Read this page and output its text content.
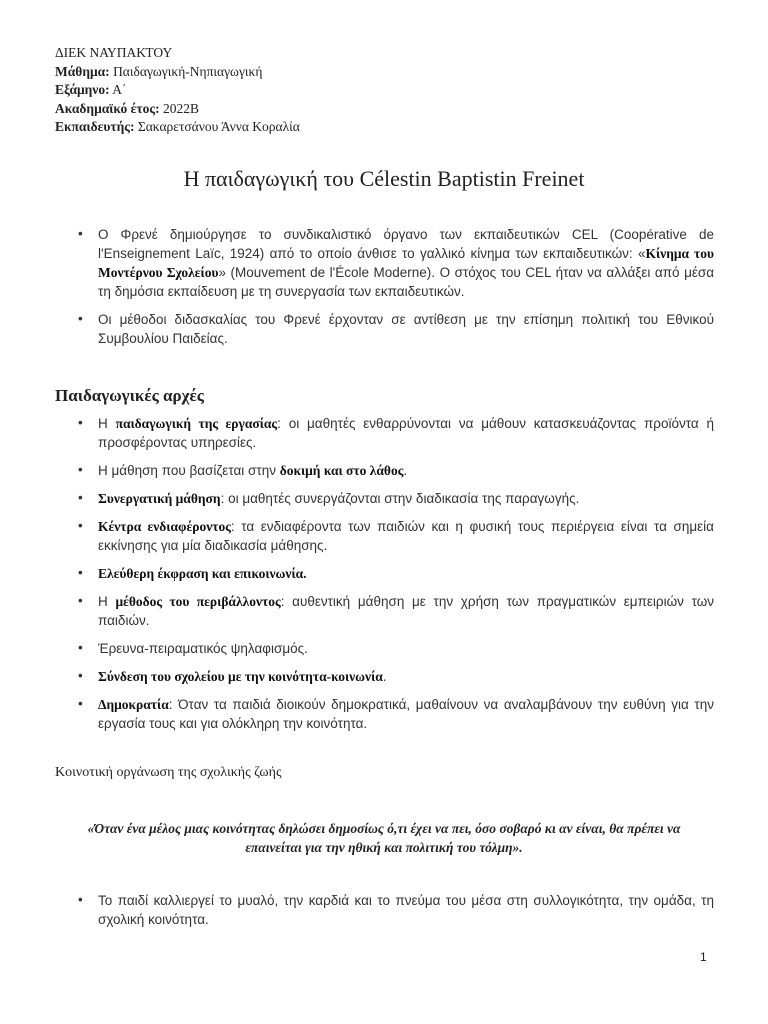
ΔΙΕΚ ΝΑΥΠΑΚΤΟΥ
Μάθημα: Παιδαγωγική-Νηπιαγωγική
Εξάμηνο: Α΄
Ακαδημαϊκό έτος: 2022Β
Εκπαιδευτής: Σακαρετσάνου Άννα Κοραλία
Η παιδαγωγική του Célestin Baptistin Freinet
• Ο Φρενέ δημιούργησε το συνδικαλιστικό όργανο των εκπαιδευτικών CEL (Coopérative de l'Enseignement Laïc, 1924) από το οποίο άνθισε το γαλλικό κίνημα των εκπαιδευτικών: «Κίνημα του Μοντέρνου Σχολείου» (Mouvement de l'École Moderne). Ο στόχος του CEL ήταν να αλλάξει από μέσα τη δημόσια εκπαίδευση με τη συνεργασία των εκπαιδευτικών.
• Οι μέθοδοι διδασκαλίας του Φρενέ έρχονταν σε αντίθεση με την επίσημη πολιτική του Εθνικού Συμβουλίου Παιδείας.
Παιδαγωγικές αρχές
• Η παιδαγωγική της εργασίας: οι μαθητές ενθαρρύνονται να μάθουν κατασκευάζοντας προϊόντα ή προσφέροντας υπηρεσίες.
• Η μάθηση που βασίζεται στην δοκιμή και στο λάθος.
• Συνεργατική μάθηση: οι μαθητές συνεργάζονται στην διαδικασία της παραγωγής.
• Κέντρα ενδιαφέροντος: τα ενδιαφέροντα των παιδιών και η φυσική τους περιέργεια είναι τα σημεία εκκίνησης για μία διαδικασία μάθησης.
• Ελεύθερη έκφραση και επικοινωνία.
• Η μέθοδος του περιβάλλοντος: αυθεντική μάθηση με την χρήση των πραγματικών εμπειριών των παιδιών.
• Έρευνα-πειραματικός ψηλαφισμός.
• Σύνδεση του σχολείου με την κοινότητα-κοινωνία.
• Δημοκρατία: Όταν τα παιδιά διοικούν δημοκρατικά, μαθαίνουν να αναλαμβάνουν την ευθύνη για την εργασία τους και για ολόκληρη την κοινότητα.
Κοινοτική οργάνωση της σχολικής ζωής
«Όταν ένα μέλος μιας κοινότητας δηλώσει δημοσίως ό,τι έχει να πει, όσο σοβαρό κι αν είναι, θα πρέπει να επαινείται για την ηθική και πολιτική του τόλμη».
• Το παιδί καλλιεργεί το μυαλό, την καρδιά και το πνεύμα του μέσα στη συλλογικότητα, την ομάδα, τη σχολική κοινότητα.
1
